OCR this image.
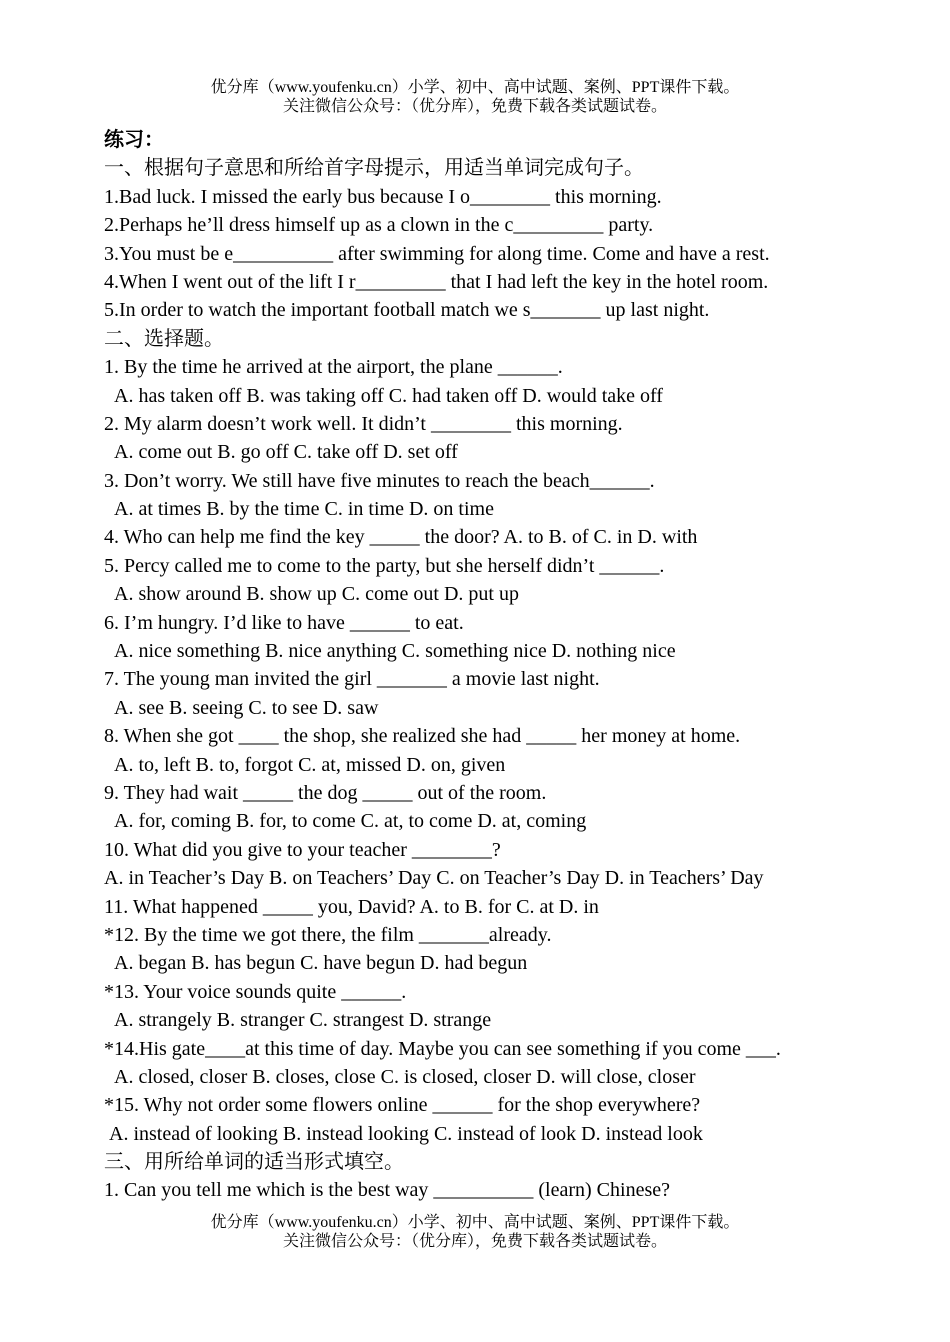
优分库（www.youfenku.cn）小学、初中、高中试题、案例、PPT课件下载。
关注微信公众号：（优分库），免费下载各类试题试卷。
练习：
一、根据句子意思和所给首字母提示，用适当单词完成句子。
1.Bad luck. I missed the early bus because I o________ this morning.
2.Perhaps he’ll dress himself up as a clown in the c_________ party.
3.You must be e__________ after swimming for along time. Come and have a rest.
4.When I went out of the lift I r_________ that I had left the key in the hotel room.
5.In order to watch the important football match we s_______ up last night.
二、选择题。
1. By the time he arrived at the airport, the plane ______.
A. has taken off B. was taking off C. had taken off D. would take off
2. My alarm doesn’t work well. It didn’t ________ this morning.
A. come out B. go off C. take off D. set off
3. Don’t worry. We still have five minutes to reach the beach______.
A. at times B. by the time C. in time D. on time
4. Who can help me find the key _____ the door? A. to B. of C. in D. with
5. Percy called me to come to the party, but she herself didn’t ______.
A. show around B. show up C. come out D. put up
6. I’m hungry. I’d like to have ______ to eat.
A. nice something B. nice anything C. something nice D. nothing nice
7. The young man invited the girl _______ a movie last night.
A. see B. seeing C. to see D. saw
8. When she got ____ the shop, she realized she had _____ her money at home.
A. to, left B. to, forgot C. at, missed D. on, given
9. They had wait _____ the dog _____ out of the room.
A. for, coming B. for, to come C. at, to come D. at, coming
10. What did you give to your teacher ________?
A. in Teacher’s Day B. on Teachers’ Day C. on Teacher’s Day D. in Teachers’ Day
11. What happened _____ you, David? A. to B. for C. at D. in
*12. By the time we got there, the film _______already.
A. began B. has begun C. have begun D. had begun
*13. Your voice sounds quite ______.
A. strangely B. stranger C. strangest D. strange
*14.His gate____at this time of day. Maybe you can see something if you come ___.
A. closed, closer B. closes, close C. is closed, closer D. will close, closer
*15. Why not order some flowers online ______ for the shop everywhere?
A. instead of looking B. instead looking C. instead of look D. instead look
三、用所给单词的适当形式填空。
1. Can you tell me which is the best way __________ (learn) Chinese?
优分库（www.youfenku.cn）小学、初中、高中试题、案例、PPT课件下载。
关注微信公众号：（优分库），免费下载各类试题试卷。
